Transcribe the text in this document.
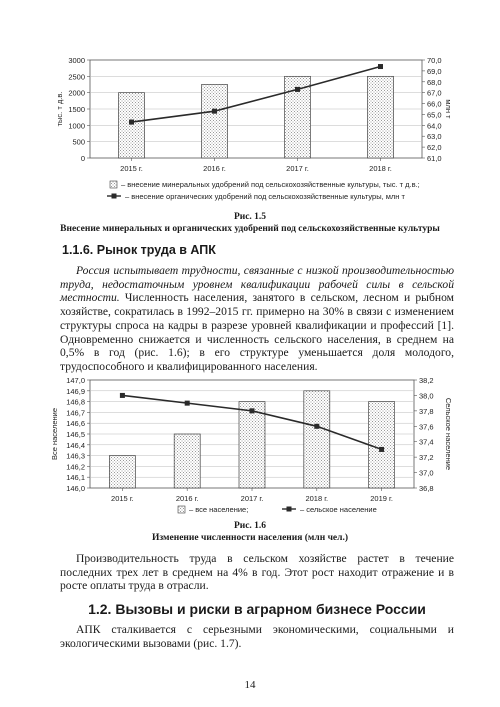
0
500
1000
1500
2000
2500
3000
61,0
62,0
63,0
64,0
65,0
66,0
67,0
68,0
69,0
70,0
тыс. т д.в.	млн т
2015 г.	2016 г.	2017 г.	2018 г.
– внесение минеральных удобрений под сельскохозяйственные культуры, тыс. т д.в.;
– внесение органических удобрений под сельскохозяйственные культуры, млн т
Рис. 1.5
Внесение минеральных и органических удобрений под сельскохозяйственные культуры
1.1.6. Рынок труда в АПК
Россия испытывает трудности, связанные с низкой производительностью труда, недостаточным уровнем квалификации рабочей силы в сельской местности. Численность населения, занятого в сельском, лесном и рыбном хозяйстве, сократилась в 1992–2015 гг. примерно на 30% в связи с изменением структуры спроса на кадры в разрезе уровней квалификации и профессий [1]. Одновременно снижается и численность сельского населения, в среднем на 0,5% в год (рис. 1.6); в его структуре уменьшается доля молодого, трудоспособного и квалифицированного населения.
146,0
146,1
146,2
146,3
146,4
146,5
146,6
146,7
146,8
146,9
147,0
36,8
37,0
37,2
37,4
37,6
37,8
38,0
38,2
Все население	Сельское население
2015 г.	2016 г.	2017 г.	2018 г.	2019 г.
– все население;	– сельское население
Рис. 1.6
Изменение численности населения (млн чел.)
Производительность труда в сельском хозяйстве растет в течение последних трех лет в среднем на 4% в год. Этот рост находит отражение и в росте оплаты труда в отрасли.
1.2. Вызовы и риски в аграрном бизнесе России
АПК сталкивается с серьезными экономическими, социальными и экологическими вызовами (рис. 1.7).
14
